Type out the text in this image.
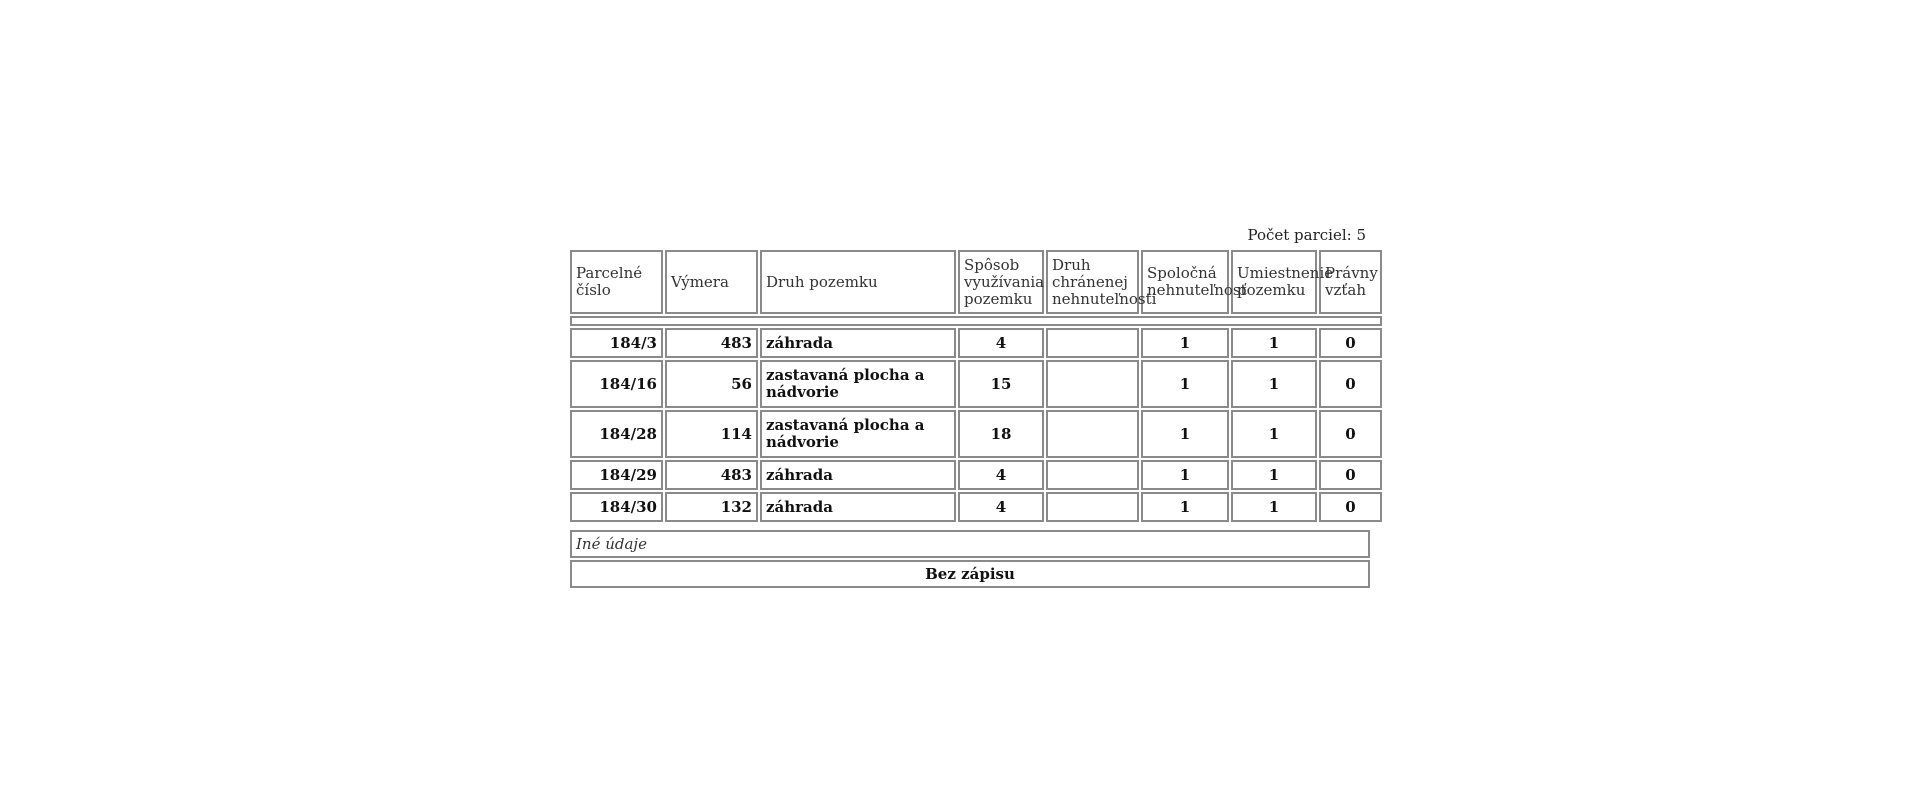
Počet parciel: 5
Parcelné číslo	Výmera	Druh pozemku	Spôsob využívania pozemku	Druh chránenej nehnuteľnosti	Spoločná nehnuteľnosť	Umiestnenie pozemku	Právny vzťah

184/3	483	záhrada	4		1	1	0
184/16	56	zastavaná plocha a nádvorie	15		1	1	0
184/28	114	zastavaná plocha a nádvorie	18		1	1	0
184/29	483	záhrada	4		1	1	0
184/30	132	záhrada	4		1	1	0
Iné údaje
Bez zápisu
